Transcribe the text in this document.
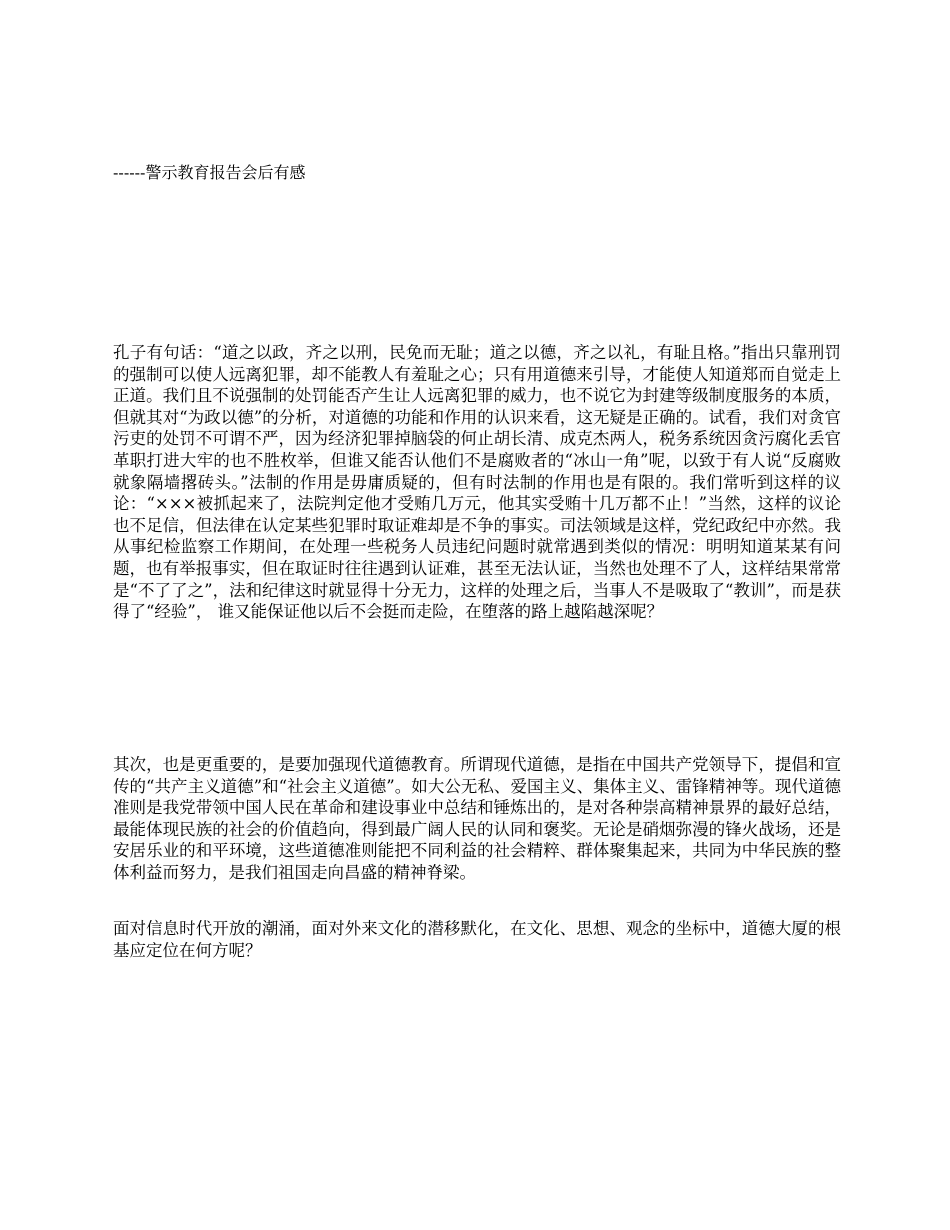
------警示教育报告会后有感

孔子有句话：“道之以政，齐之以刑，民免而无耻；道之以德，齐之以礼，有耻且格。”指出只靠刑罚的强制可以使人远离犯罪，却不能教人有羞耻之心；只有用道德来引导，才能使人知道郑而自觉走上正道。我们且不说强制的处罚能否产生让人远离犯罪的威力，也不说它为封建等级制度服务的本质，但就其对“为政以德”的分析，对道德的功能和作用的认识来看，这无疑是正确的。试看，我们对贪官污吏的处罚不可谓不严，因为经济犯罪掉脑袋的何止胡长清、成克杰两人，税务系统因贪污腐化丢官革职打进大牢的也不胜枚举，但谁又能否认他们不是腐败者的“冰山一角”呢，以致于有人说“反腐败就象隔墙撂砖头。”法制的作用是毋庸质疑的，但有时法制的作用也是有限的。我们常听到这样的议论：“×××被抓起来了，法院判定他才受贿几万元，他其实受贿十几万都不止！”当然，这样的议论也不足信，但法律在认定某些犯罪时取证难却是不争的事实。司法领域是这样，党纪政纪中亦然。我从事纪检监察工作期间，在处理一些税务人员违纪问题时就常遇到类似的情况：明明知道某某有问题，也有举报事实，但在取证时往往遇到认证难，甚至无法认证，当然也处理不了人，这样结果常常是“不了了之”，法和纪律这时就显得十分无力，这样的处理之后，当事人不是吸取了“教训”，而是获得了“经验”， 谁又能保证他以后不会挺而走险，在堕落的路上越陷越深呢？

其次，也是更重要的，是要加强现代道德教育。所谓现代道德，是指在中国共产党领导下，提倡和宣传的“共产主义道德”和“社会主义道德”。如大公无私、爱国主义、集体主义、雷锋精神等。现代道德准则是我党带领中国人民在革命和建设事业中总结和锤炼出的，是对各种崇高精神景界的最好总结，最能体现民族的社会的价值趋向，得到最广阔人民的认同和褒奖。无论是硝烟弥漫的锋火战场，还是安居乐业的和平环境，这些道德准则能把不同利益的社会精粹、群体聚集起来，共同为中华民族的整体利益而努力，是我们祖国走向昌盛的精神脊梁。

面对信息时代开放的潮涌，面对外来文化的潜移默化，在文化、思想、观念的坐标中，道德大厦的根基应定位在何方呢？
